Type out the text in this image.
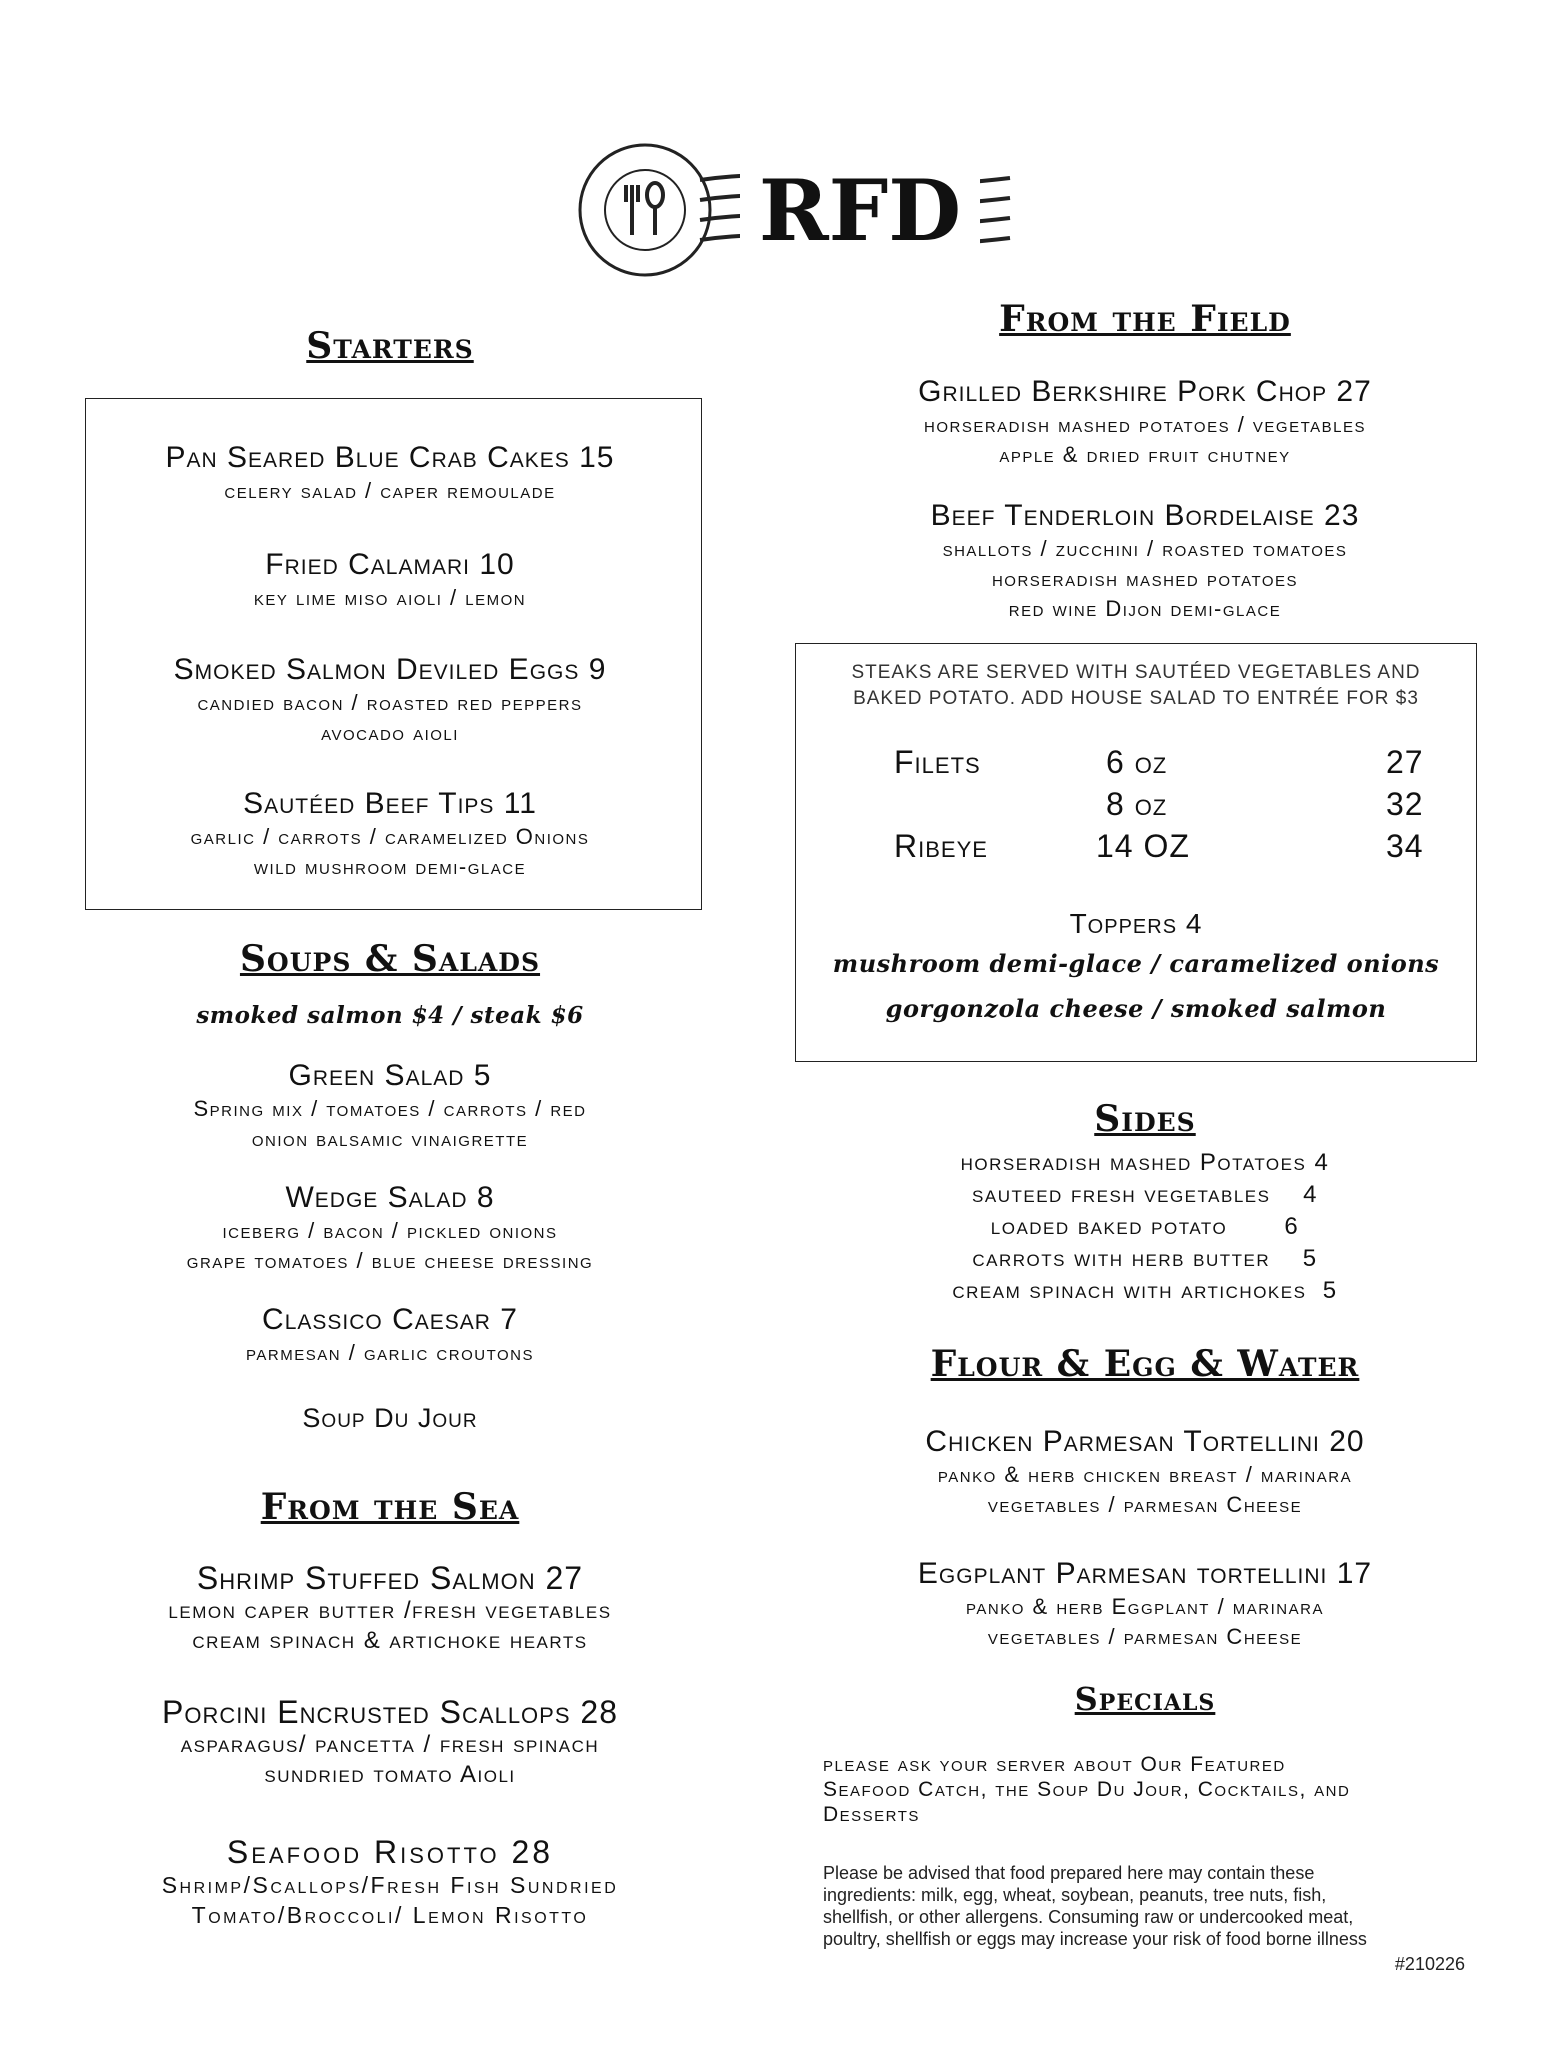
RFD
Starters
Pan Seared Blue Crab Cakes 15
celery salad / caper remoulade
Fried Calamari 10
key lime miso aioli / lemon
Smoked Salmon Deviled Eggs 9
candied bacon / roasted red peppers
avocado aioli
Sautéed Beef Tips 11
garlic / carrots / caramelized Onions
wild mushroom demi-glace
Soups & Salads
smoked salmon $4 / steak $6
Green Salad 5
Spring mix / tomatoes / carrots / red
onion balsamic vinaigrette
Wedge Salad 8
iceberg / bacon / pickled onions
grape tomatoes / blue cheese dressing
Classico Caesar 7
parmesan / garlic croutons
Soup Du Jour
From the Sea
Shrimp Stuffed Salmon 27
lemon caper butter /fresh vegetables
cream spinach & artichoke hearts
Porcini Encrusted Scallops 28
asparagus/ pancetta / fresh spinach
sundried tomato Aioli
Seafood Risotto 28
Shrimp/Scallops/Fresh Fish Sundried
Tomato/Broccoli/ Lemon Risotto
From the Field
Grilled Berkshire Pork Chop 27
horseradish mashed potatoes / vegetables
apple & dried fruit chutney
Beef Tenderloin Bordelaise 23
shallots / zucchini / roasted tomatoes
horseradish mashed potatoes
red wine Dijon demi-glace
STEAKS ARE SERVED WITH SAUTÉED VEGETABLES AND
BAKED POTATO. ADD HOUSE SALAD TO ENTRÉE FOR $3
Filets	6 oz	27
8 oz	32
Ribeye	14 OZ	34
Toppers 4
mushroom demi-glace / caramelized onions
gorgonzola cheese / smoked salmon
Sides
horseradish mashed Potatoes 4
sauteed fresh vegetables    4
loaded baked potato       6
carrots with herb butter    5
cream spinach with artichokes  5
Flour & Egg & Water
Chicken Parmesan Tortellini 20
panko & herb chicken breast / marinara
vegetables / parmesan Cheese
Eggplant Parmesan tortellini 17
panko & herb Eggplant / marinara
vegetables / parmesan Cheese
Specials
please ask your server about Our Featured
Seafood Catch, the Soup Du Jour, Cocktails, and
Desserts
Please be advised that food prepared here may contain these
ingredients: milk, egg, wheat, soybean, peanuts, tree nuts, fish,
shellfish, or other allergens. Consuming raw or undercooked meat,
poultry, shellfish or eggs may increase your risk of food borne illness
#210226
